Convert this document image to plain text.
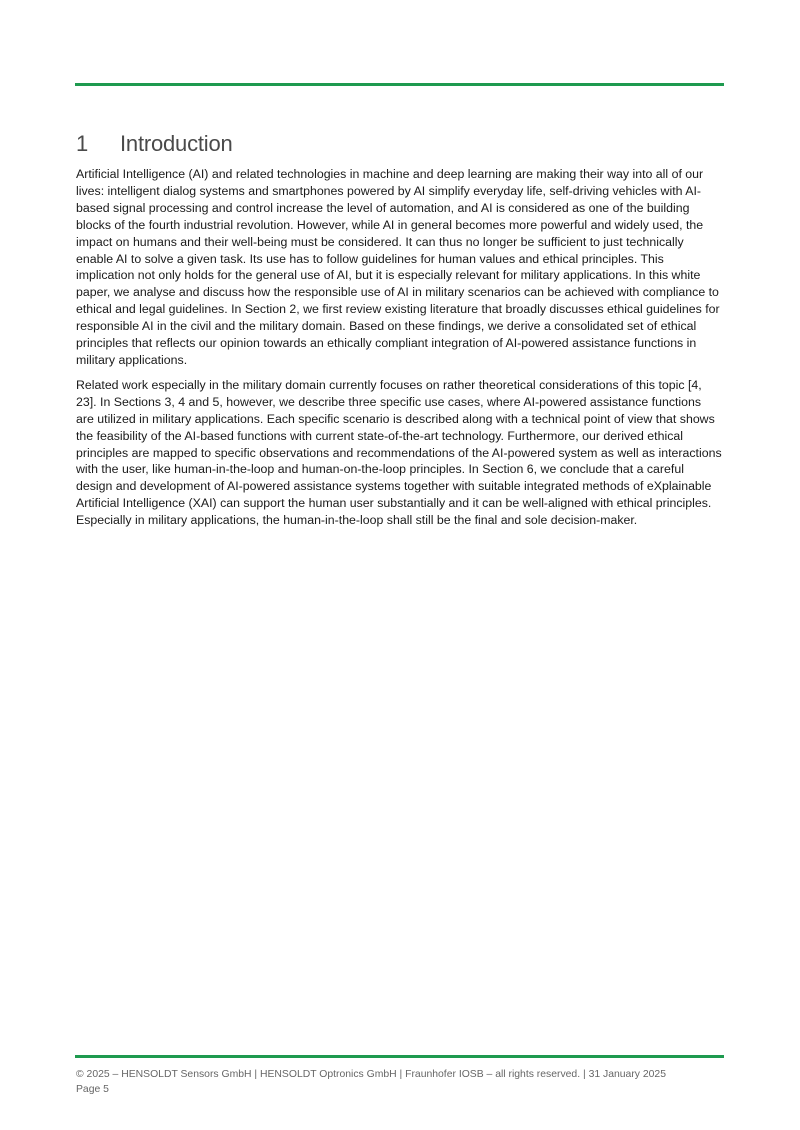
1	Introduction

Artificial Intelligence (AI) and related technologies in machine and deep learning are making their way into all of our lives: intelligent dialog systems and smartphones powered by AI simplify everyday life, self-driving vehicles with AI-based signal processing and control increase the level of automation, and AI is considered as one of the building blocks of the fourth industrial revolution. However, while AI in general becomes more powerful and widely used, the impact on humans and their well-being must be considered. It can thus no longer be sufficient to just technically enable AI to solve a given task. Its use has to follow guidelines for human values and ethical principles. This implication not only holds for the general use of AI, but it is especially relevant for military applications. In this white paper, we analyse and discuss how the responsible use of AI in military scenarios can be achieved with compliance to ethical and legal guidelines. In Section 2, we first review existing literature that broadly discusses ethical guidelines for responsible AI in the civil and the military domain. Based on these findings, we derive a consolidated set of ethical principles that reflects our opinion towards an ethically compliant integration of AI-powered assistance functions in military applications.

Related work especially in the military domain currently focuses on rather theoretical considerations of this topic [4, 23]. In Sections 3, 4 and 5, however, we describe three specific use cases, where AI-powered assistance functions are utilized in military applications. Each specific scenario is described along with a technical point of view that shows the feasibility of the AI-based functions with current state-of-the-art technology. Furthermore, our derived ethical principles are mapped to specific observations and recommendations of the AI-powered system as well as interactions with the user, like human-in-the-loop and human-on-the-loop principles. In Section 6, we conclude that a careful design and development of AI-powered assistance systems together with suitable integrated methods of eXplainable Artificial Intelligence (XAI) can support the human user substantially and it can be well-aligned with ethical principles. Especially in military applications, the human-in-the-loop shall still be the final and sole decision-maker.

© 2025 – HENSOLDT Sensors GmbH | HENSOLDT Optronics GmbH | Fraunhofer IOSB – all rights reserved. | 31 January 2025
Page 5
